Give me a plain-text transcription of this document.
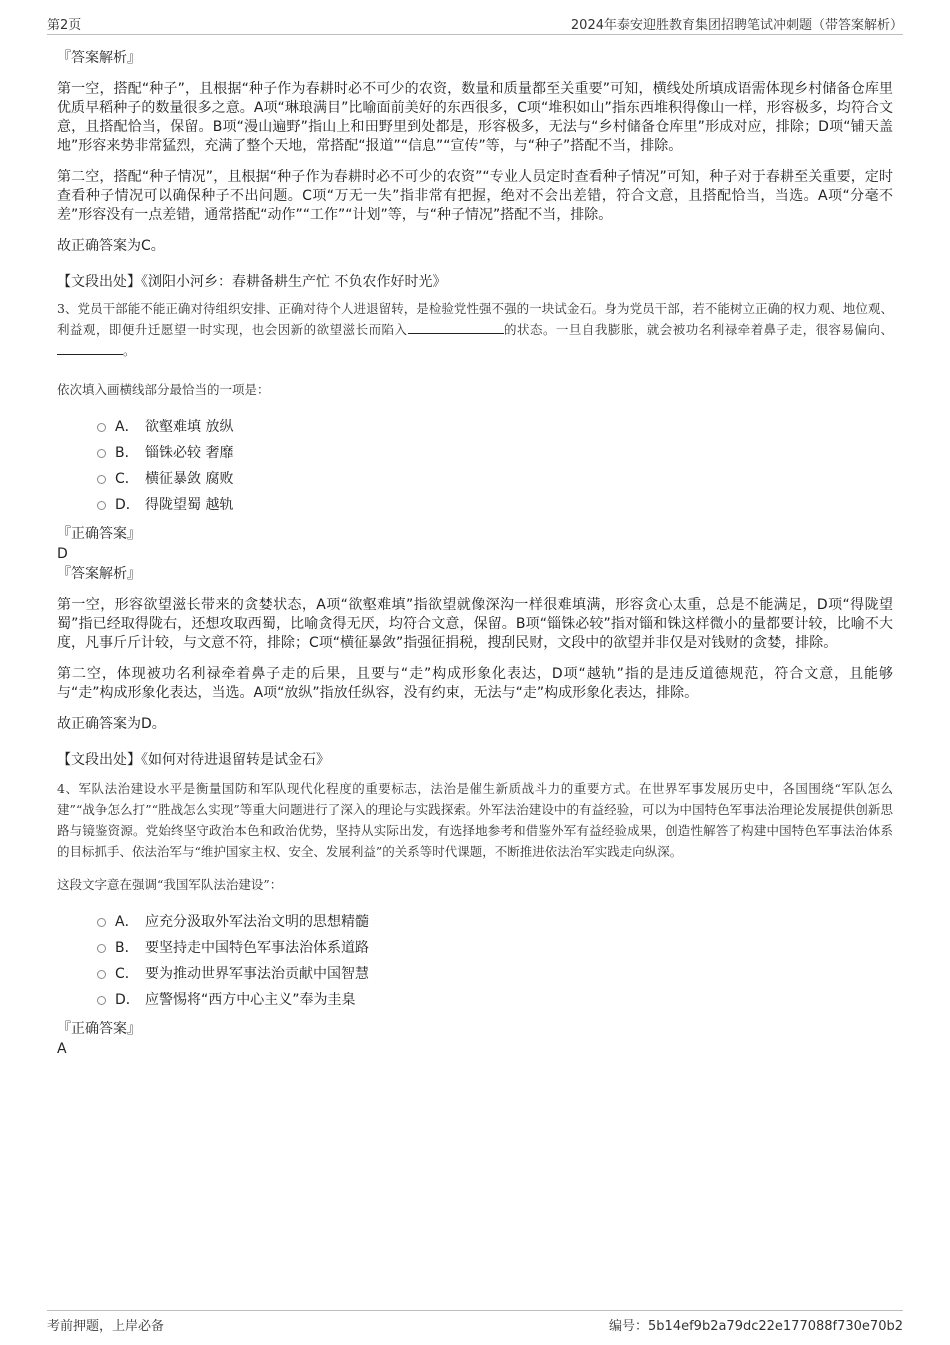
第2页	2024年泰安迎胜教育集团招聘笔试冲刺题（带答案解析）

『答案解析』

第一空，搭配“种子”，且根据“种子作为春耕时必不可少的农资，数量和质量都至关重要”可知，横线处所填成语需体现乡村储备仓库里优质早稻种子的数量很多之意。A项“琳琅满目”比喻面前美好的东西很多，C项“堆积如山”指东西堆积得像山一样，形容极多，均符合文意，且搭配恰当，保留。B项“漫山遍野”指山上和田野里到处都是，形容极多，无法与“乡村储备仓库里”形成对应，排除；D项“铺天盖地”形容来势非常猛烈，充满了整个天地，常搭配“报道”“信息”“宣传”等，与“种子”搭配不当，排除。

第二空，搭配“种子情况”，且根据“种子作为春耕时必不可少的农资”“专业人员定时查看种子情况”可知，种子对于春耕至关重要，定时查看种子情况可以确保种子不出问题。C项“万无一失”指非常有把握，绝对不会出差错，符合文意，且搭配恰当，当选。A项“分毫不差”形容没有一点差错，通常搭配“动作”“工作”“计划”等，与“种子情况”搭配不当，排除。

故正确答案为C。

【文段出处】《浏阳小河乡：春耕备耕生产忙 不负农作好时光》

3、党员干部能不能正确对待组织安排、正确对待个人进退留转，是检验党性强不强的一块试金石。身为党员干部，若不能树立正确的权力观、地位观、利益观，即便升迁愿望一时实现，也会因新的欲望滋长而陷入	的状态。一旦自我膨胀，就会被功名利禄牵着鼻子走，很容易偏向、。

依次填入画横线部分最恰当的一项是：

A． 欲壑难填 放纵
B． 锱铢必较 奢靡
C． 横征暴敛 腐败
D． 得陇望蜀 越轨

『正确答案』

D

『答案解析』

第一空，形容欲望滋长带来的贪婪状态，A项“欲壑难填”指欲望就像深沟一样很难填满，形容贪心太重，总是不能满足，D项“得陇望蜀”指已经取得陇右，还想攻取西蜀，比喻贪得无厌，均符合文意，保留。B项“锱铢必较”指对锱和铢这样微小的量都要计较，比喻不大度，凡事斤斤计较，与文意不符，排除；C项“横征暴敛”指强征捐税，搜刮民财，文段中的欲望并非仅是对钱财的贪婪，排除。

第二空，体现被功名利禄牵着鼻子走的后果，且要与“走”构成形象化表达，D项“越轨”指的是违反道德规范，符合文意，且能够与“走”构成形象化表达，当选。A项“放纵”指放任纵容，没有约束，无法与“走”构成形象化表达，排除。

故正确答案为D。

【文段出处】《如何对待进退留转是试金石》

4、军队法治建设水平是衡量国防和军队现代化程度的重要标志，法治是催生新质战斗力的重要方式。在世界军事发展历史中，各国围绕“军队怎么建”“战争怎么打”“胜战怎么实现”等重大问题进行了深入的理论与实践探索。外军法治建设中的有益经验，可以为中国特色军事法治理论发展提供创新思路与镜鉴资源。党始终坚守政治本色和政治优势，坚持从实际出发，有选择地参考和借鉴外军有益经验成果，创造性解答了构建中国特色军事法治体系的目标抓手、依法治军与“维护国家主权、安全、发展利益”的关系等时代课题，不断推进依法治军实践走向纵深。

这段文字意在强调“我国军队法治建设”：

A． 应充分汲取外军法治文明的思想精髓
B． 要坚持走中国特色军事法治体系道路
C． 要为推动世界军事法治贡献中国智慧
D． 应警惕将“西方中心主义”奉为圭臬

『正确答案』

A

考前押题，上岸必备	编号：5b14ef9b2a79dc22e177088f730e70b2
